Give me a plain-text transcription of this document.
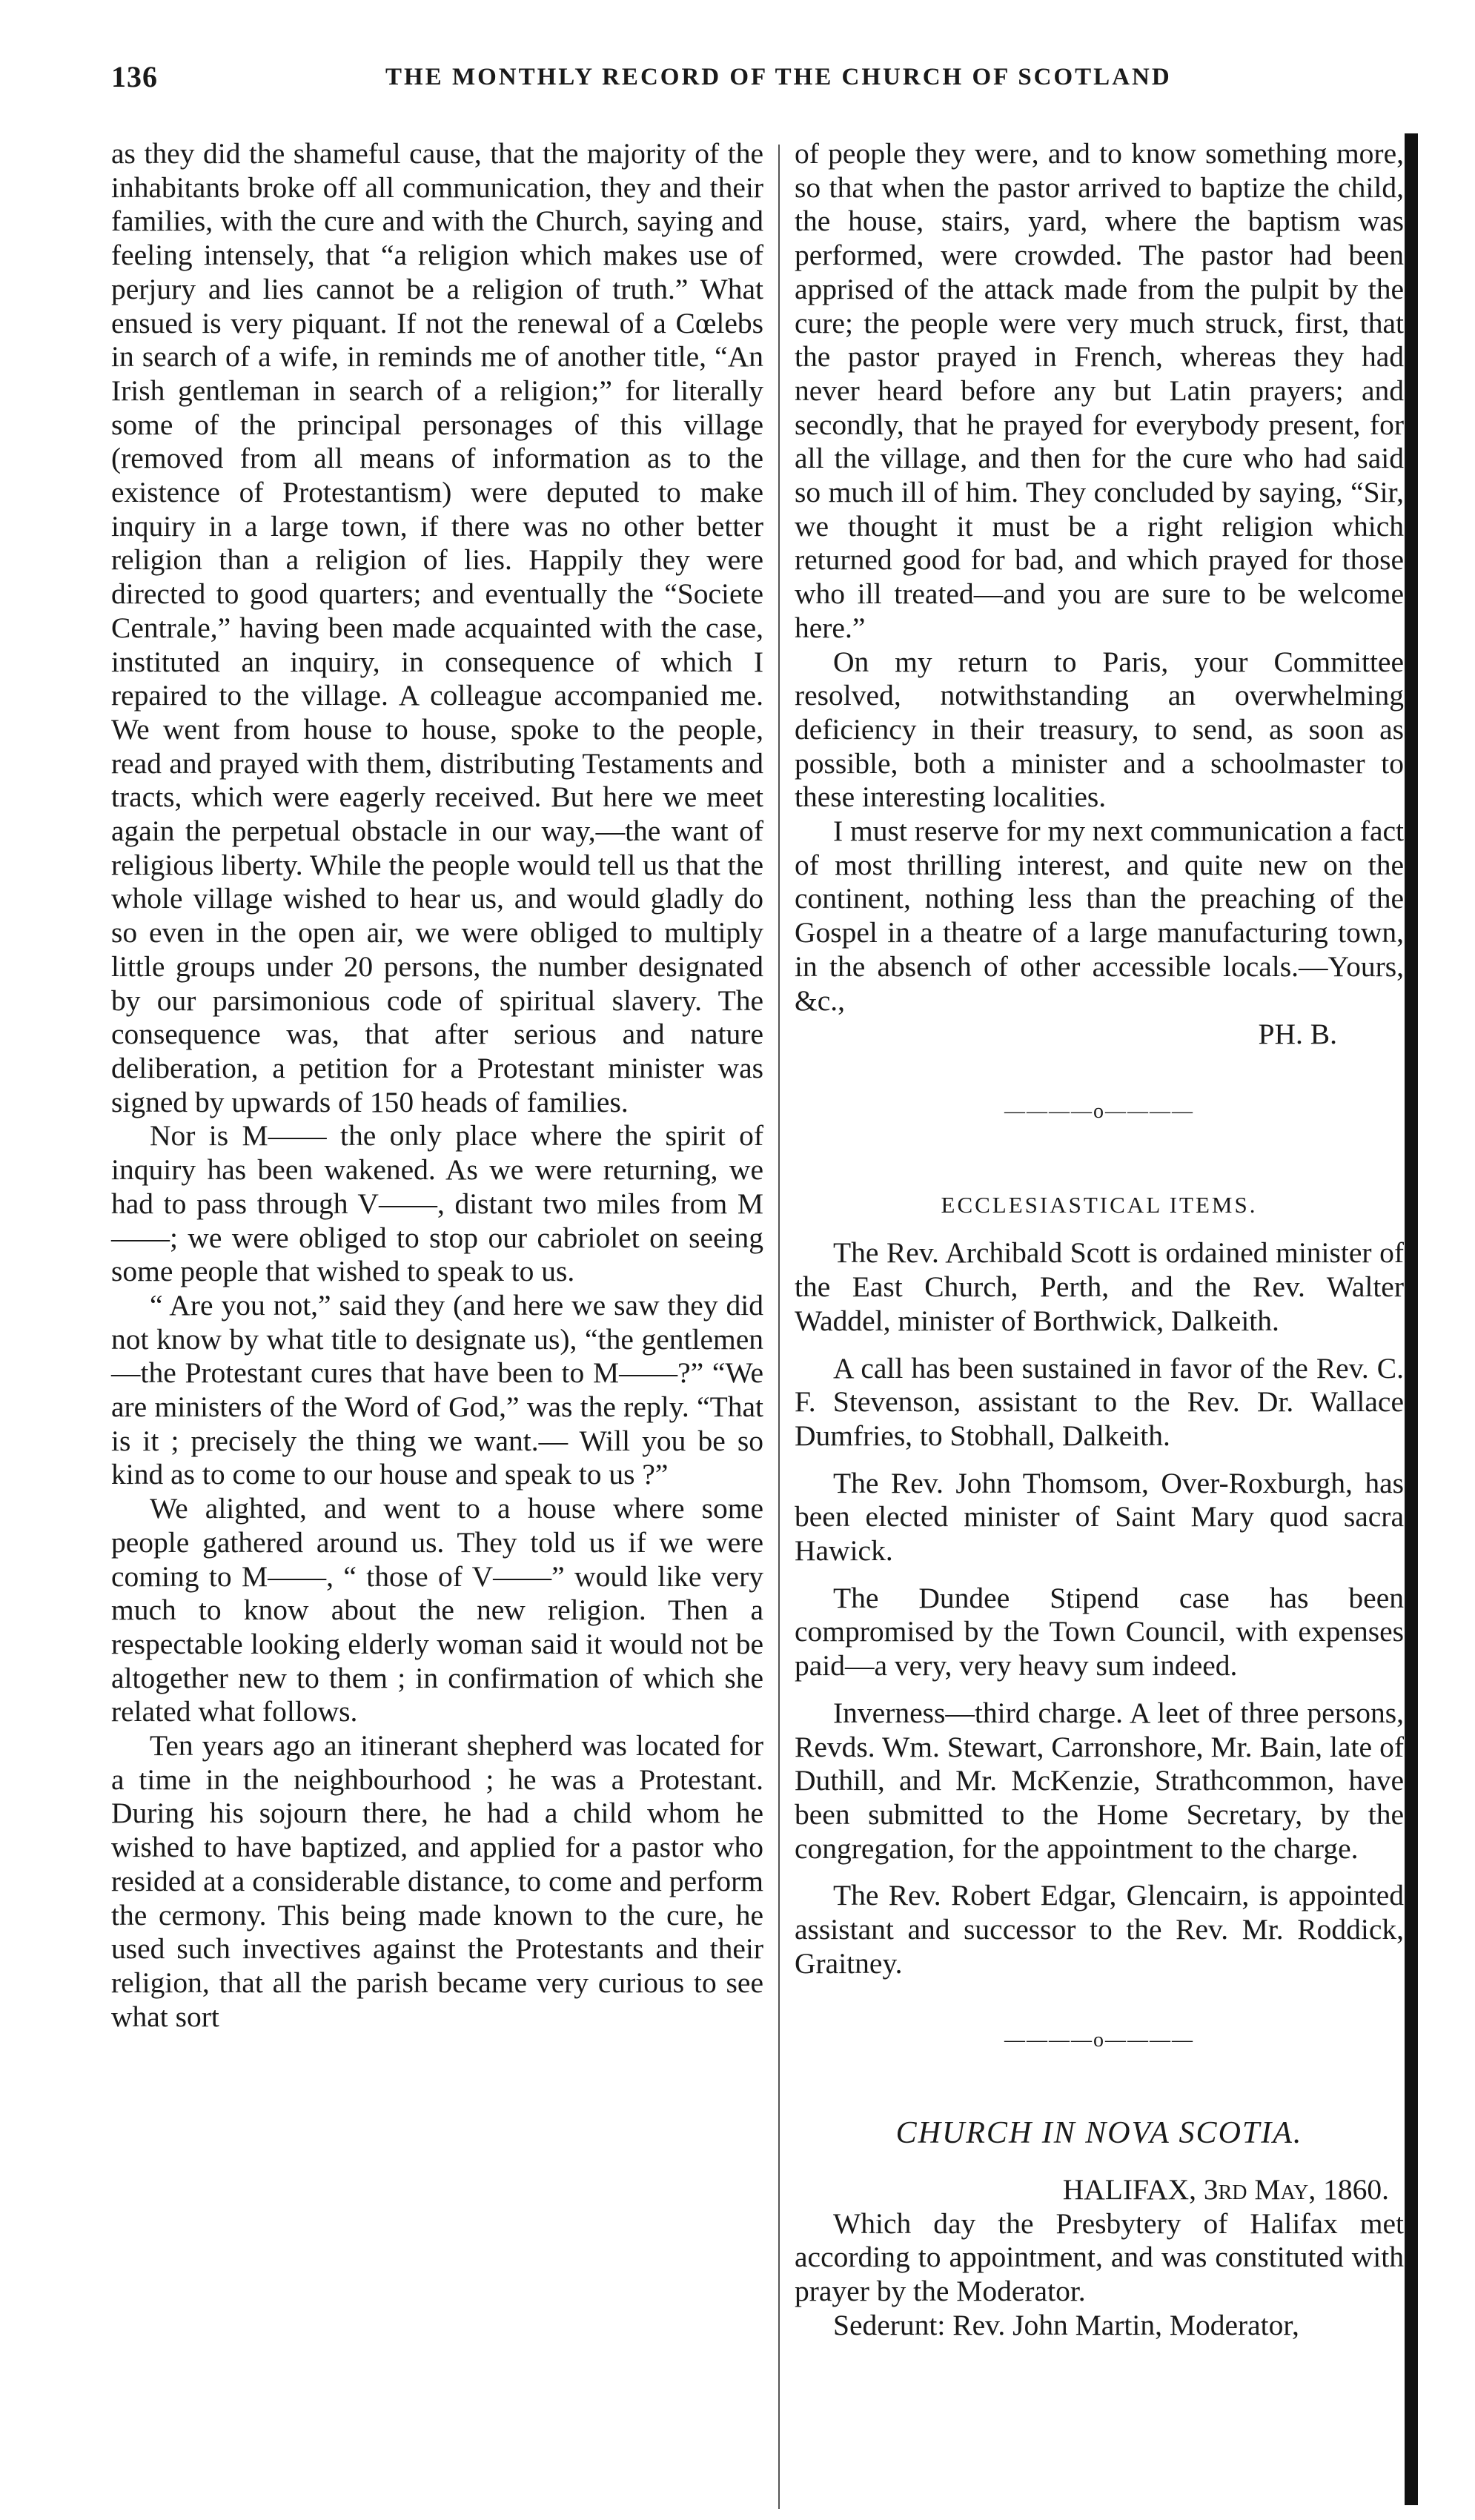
136	THE MONTHLY RECORD OF THE CHURCH OF SCOTLAND

as they did the shameful cause, that the majority of the inhabitants broke off all communication, they and their families, with the cure and with the Church, saying and feeling intensely, that “a religion which makes use of perjury and lies cannot be a religion of truth.” What ensued is very piquant. If not the renewal of a Cœlebs in search of a wife, in reminds me of another title, “An Irish gentleman in search of a religion;” for literally some of the principal personages of this village (removed from all means of information as to the existence of Protestantism) were deputed to make inquiry in a large town, if there was no other better religion than a religion of lies. Happily they were directed to good quarters; and eventually the “Societe Centrale,” having been made acquainted with the case, instituted an inquiry, in consequence of which I repaired to the village. A colleague accompanied me. We went from house to house, spoke to the people, read and prayed with them, distributing Testaments and tracts, which were eagerly received. But here we meet again the perpetual obstacle in our way,—the want of religious liberty. While the people would tell us that the whole village wished to hear us, and would gladly do so even in the open air, we were obliged to multiply little groups under 20 persons, the number designated by our parsimonious code of spiritual slavery. The consequence was, that after serious and nature deliberation, a petition for a Protestant minister was signed by upwards of 150 heads of families.

Nor is M—— the only place where the spirit of inquiry has been wakened. As we were returning, we had to pass through V——, distant two miles from M——; we were obliged to stop our cabriolet on seeing some people that wished to speak to us.

“ Are you not,” said they (and here we saw they did not know by what title to designate us), “the gentlemen—the Protestant cures that have been to M——?” “We are ministers of the Word of God,” was the reply. “That is it ; precisely the thing we want.— Will you be so kind as to come to our house and speak to us ?”

We alighted, and went to a house where some people gathered around us. They told us if we were coming to M——, “ those of V——” would like very much to know about the new religion. Then a respectable looking elderly woman said it would not be altogether new to them ; in confirmation of which she related what follows.

Ten years ago an itinerant shepherd was located for a time in the neighbourhood ; he was a Protestant. During his sojourn there, he had a child whom he wished to have baptized, and applied for a pastor who resided at a considerable distance, to come and perform the cermony. This being made known to the cure, he used such invectives against the Protestants and their religion, that all the parish became very curious to see what sort

of people they were, and to know something more, so that when the pastor arrived to baptize the child, the house, stairs, yard, where the baptism was performed, were crowded. The pastor had been apprised of the attack made from the pulpit by the cure; the people were very much struck, first, that the pastor prayed in French, whereas they had never heard before any but Latin prayers; and secondly, that he prayed for everybody present, for all the village, and then for the cure who had said so much ill of him. They concluded by saying, “Sir, we thought it must be a right religion which returned good for bad, and which prayed for those who ill treated—and you are sure to be welcome here.”

On my return to Paris, your Committee resolved, notwithstanding an overwhelming deficiency in their treasury, to send, as soon as possible, both a minister and a schoolmaster to these interesting localities.

I must reserve for my next communication a fact of most thrilling interest, and quite new on the continent, nothing less than the preaching of the Gospel in a theatre of a large manufacturing town, in the absench of other accessible locals.—Yours, &c.,

PH. B.

————o————
ECCLESIASTICAL ITEMS.

The Rev. Archibald Scott is ordained minister of the East Church, Perth, and the Rev. Walter Waddel, minister of Borthwick, Dalkeith.

A call has been sustained in favor of the Rev. C. F. Stevenson, assistant to the Rev. Dr. Wallace Dumfries, to Stobhall, Dalkeith.

The Rev. John Thomsom, Over-Roxburgh, has been elected minister of Saint Mary quod sacra Hawick.

The Dundee Stipend case has been compromised by the Town Council, with expenses paid—a very, very heavy sum indeed.

Inverness—third charge. A leet of three persons, Revds. Wm. Stewart, Carronshore, Mr. Bain, late of Duthill, and Mr. McKenzie, Strathcommon, have been submitted to the Home Secretary, by the congregation, for the appointment to the charge.

The Rev. Robert Edgar, Glencairn, is appointed assistant and successor to the Rev. Mr. Roddick, Graitney.

————o————
CHURCH IN NOVA SCOTIA.

HALIFAX, 3rd May, 1860.

Which day the Presbytery of Halifax met according to appointment, and was constituted with prayer by the Moderator.

Sederunt: Rev. John Martin, Moderator,
